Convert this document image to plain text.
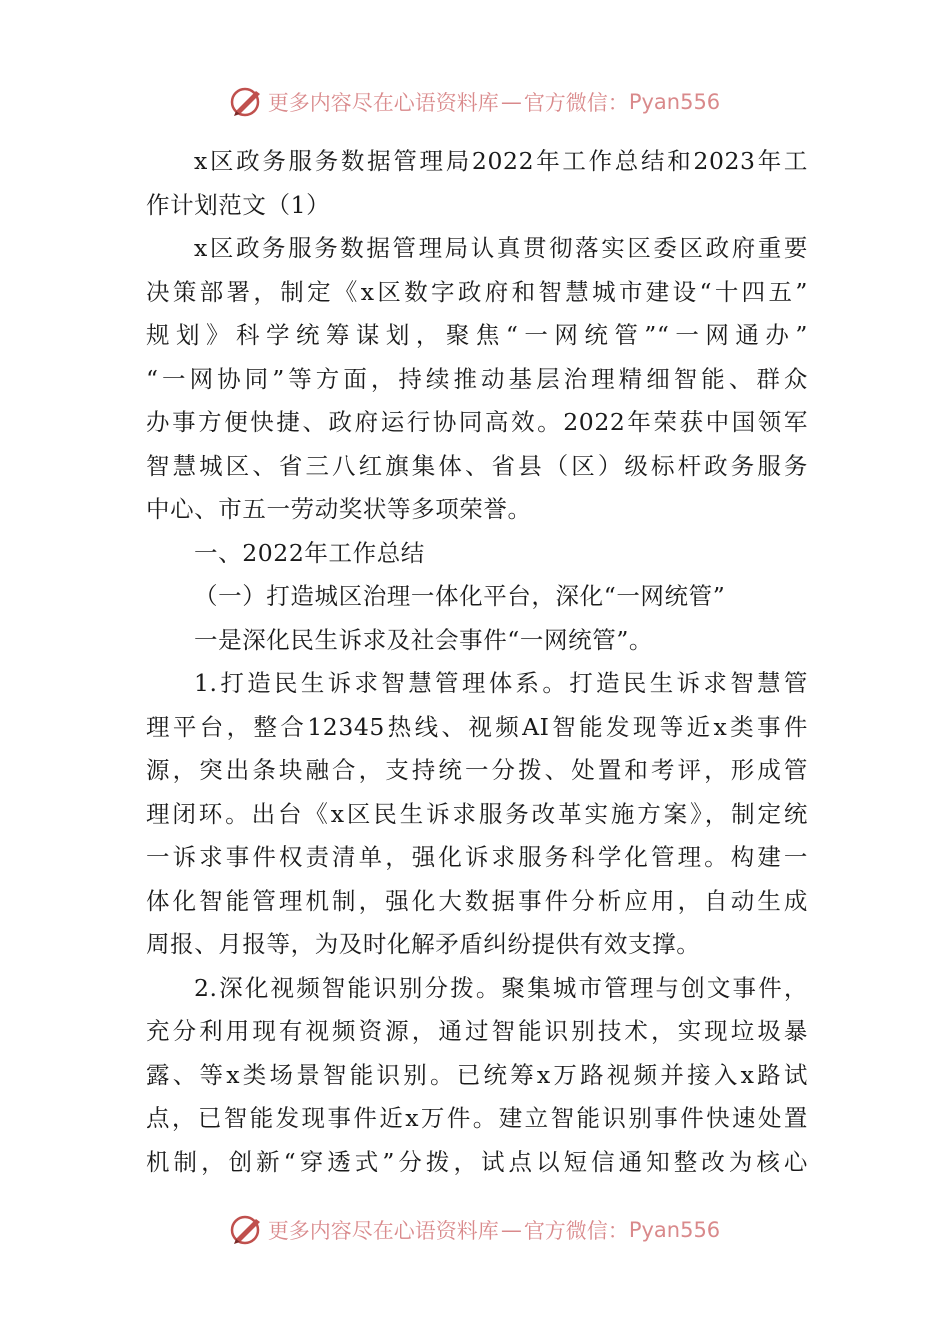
更多内容尽在心语资料库 — 官方微信： Pyan556
x区政务服务数据管理局2022年工作总结和2023年工
作计划范文（1）
x区政务服务数据管理局认真贯彻落实区委区政府重要
决策部署，制定《x区数字政府和智慧城市建设“十四五”
规划》科学统筹谋划，聚焦“一网统管”“一网通办”
“一网协同”等方面，持续推动基层治理精细智能、群众
办事方便快捷、政府运行协同高效。2022年荣获中国领军
智慧城区、省三八红旗集体、省县（区）级标杆政务服务
中心、市五一劳动奖状等多项荣誉。
一、2022年工作总结
（一）打造城区治理一体化平台，深化“一网统管”
一是深化民生诉求及社会事件“一网统管”。
1.打造民生诉求智慧管理体系。打造民生诉求智慧管
理平台，整合12345热线、视频AI智能发现等近x类事件
源，突出条块融合，支持统一分拨、处置和考评，形成管
理闭环。出台《x区民生诉求服务改革实施方案》，制定统
一诉求事件权责清单，强化诉求服务科学化管理。构建一
体化智能管理机制，强化大数据事件分析应用，自动生成
周报、月报等，为及时化解矛盾纠纷提供有效支撑。
2.深化视频智能识别分拨。聚集城市管理与创文事件，
充分利用现有视频资源，通过智能识别技术，实现垃圾暴
露、等x类场景智能识别。已统筹x万路视频并接入x路试
点，已智能发现事件近x万件。建立智能识别事件快速处置
机制，创新“穿透式”分拨，试点以短信通知整改为核心
更多内容尽在心语资料库 — 官方微信： Pyan556
